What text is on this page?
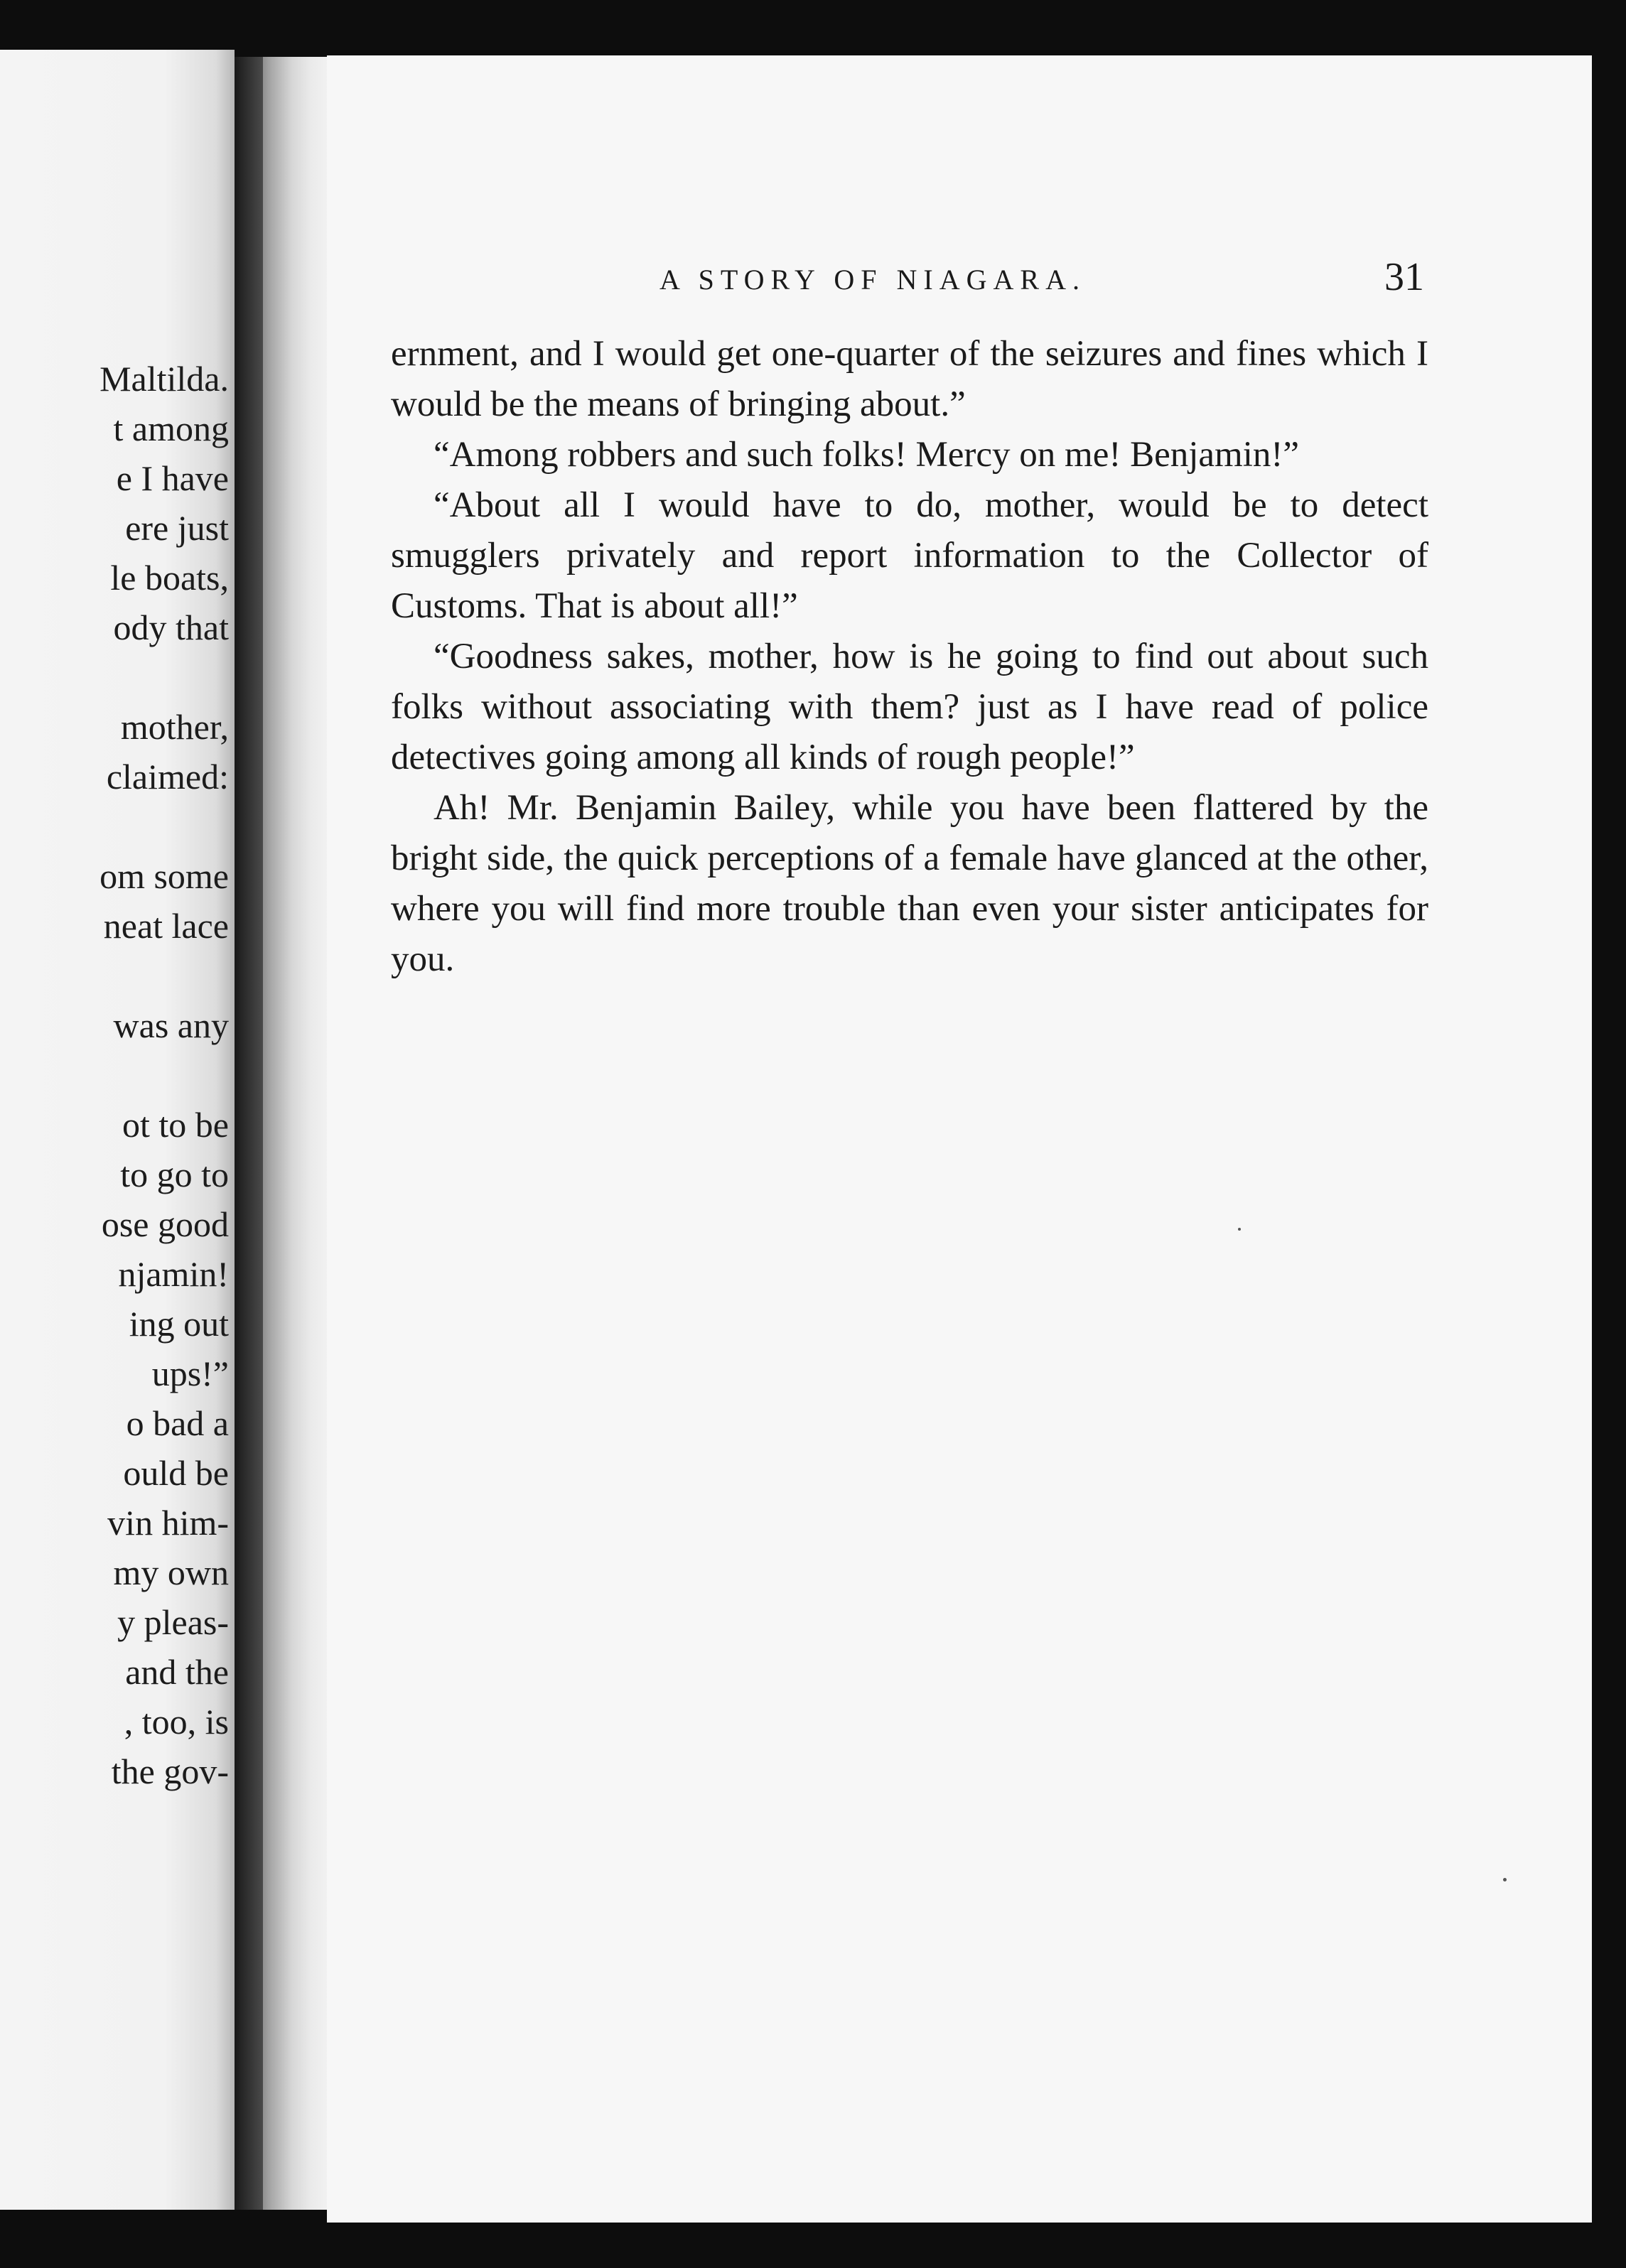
Maltilda.
t among
e I have
ere just
le boats,
ody that
mother,
claimed:
om some
neat lace
was any
ot to be
to go to
ose good
njamin!
ing out
ups!”
o bad a
ould be
vin him-
my own
y pleas-
and the
, too, is
the gov-
A STORY OF NIAGARA.	31

ernment, and I would get one-quarter of the seizures and fines which I would be the means of bringing about.”

“Among robbers and such folks! Mercy on me! Benjamin!”

“About all I would have to do, mother, would be to detect smugglers privately and report information to the Collector of Customs. That is about all!”

“Goodness sakes, mother, how is he going to find out about such folks without associating with them? just as I have read of police detectives going among all kinds of rough people!”

Ah! Mr. Benjamin Bailey, while you have been flattered by the bright side, the quick perceptions of a female have glanced at the other, where you will find more trouble than even your sister anticipates for you.
